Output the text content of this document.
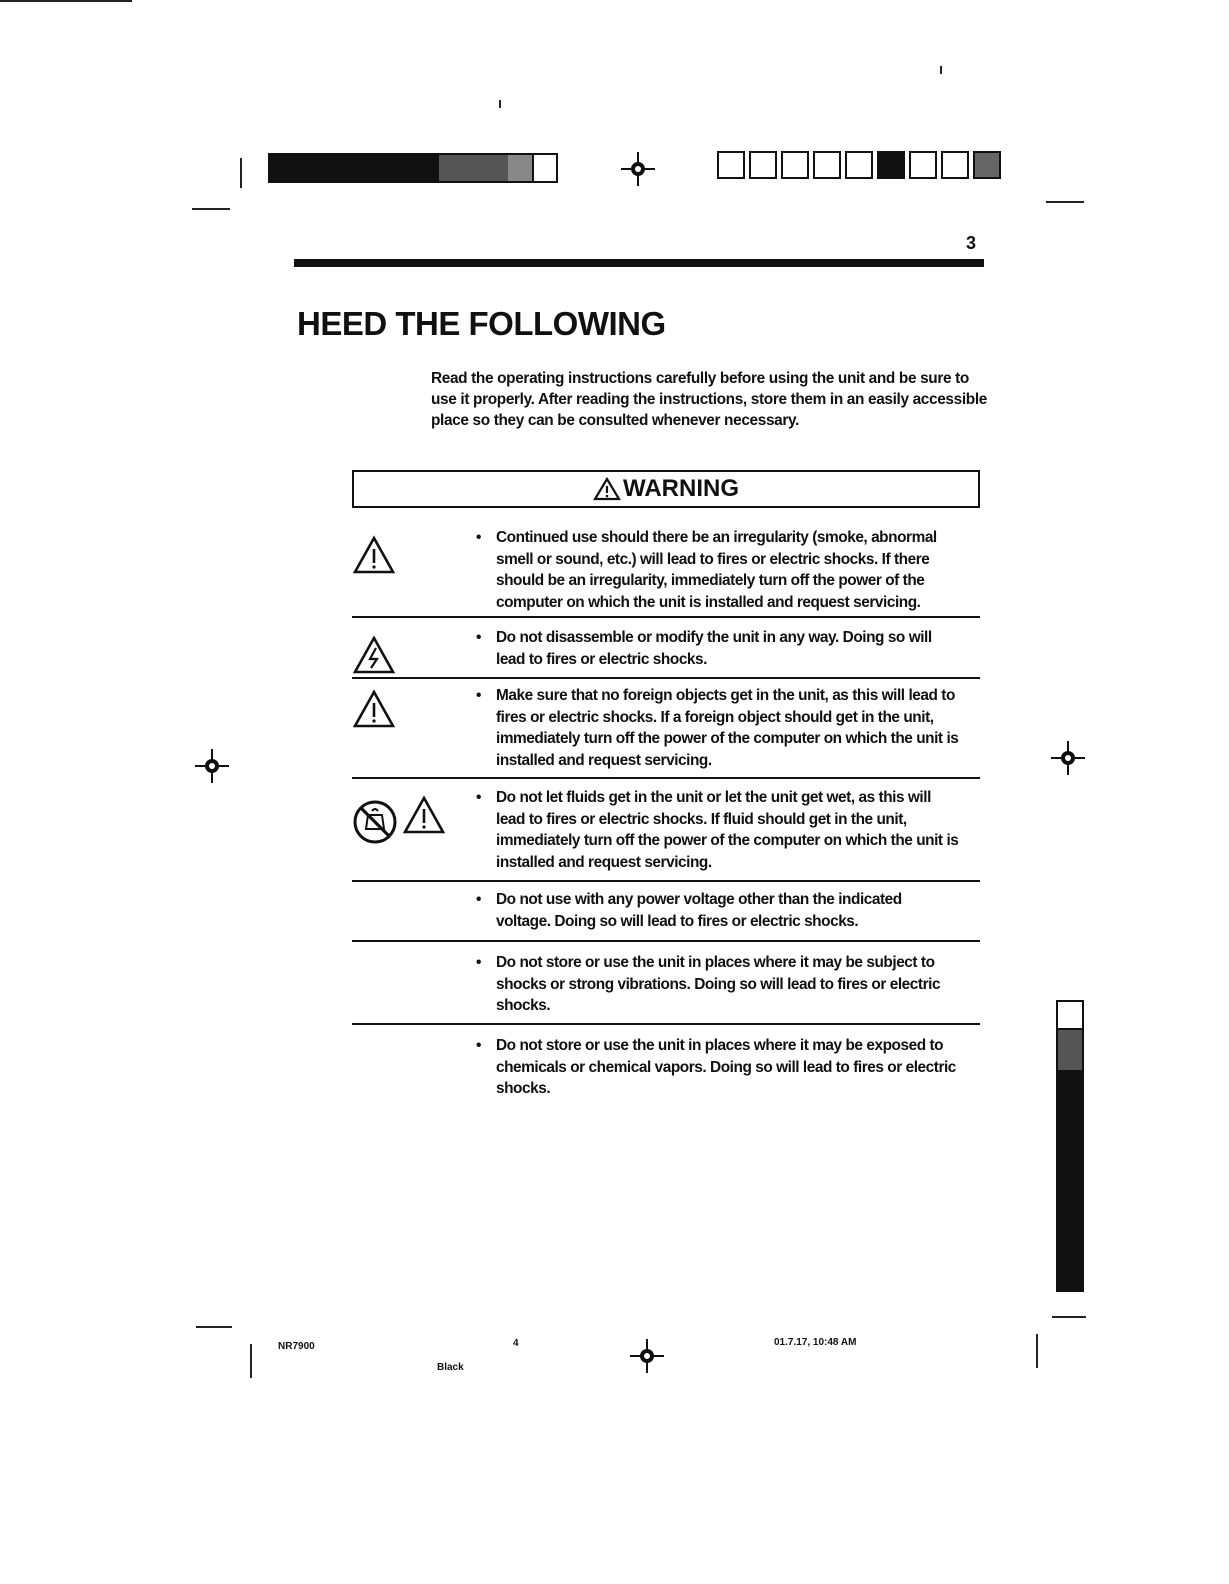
3
HEED THE FOLLOWING

Read the operating instructions carefully before using the unit and be sure to use it properly. After reading the instructions, store them in an easily accessible place so they can be consulted whenever necessary.

WARNING

• Continued use should there be an irregularity (smoke, abnormal smell or sound, etc.) will lead to fires or electric shocks. If there should be an irregularity, immediately turn off the power of the computer on which the unit is installed and request servicing.

• Do not disassemble or modify the unit in any way. Doing so will lead to fires or electric shocks.

• Make sure that no foreign objects get in the unit, as this will lead to fires or electric shocks. If a foreign object should get in the unit, immediately turn off the power of the computer on which the unit is installed and request servicing.

• Do not let fluids get in the unit or let the unit get wet, as this will lead to fires or electric shocks. If fluid should get in the unit, immediately turn off the power of the computer on which the unit is installed and request servicing.

• Do not use with any power voltage other than the indicated voltage. Doing so will lead to fires or electric shocks.

• Do not store or use the unit in places where it may be subject to shocks or strong vibrations. Doing so will lead to fires or electric shocks.

• Do not store or use the unit in places where it may be exposed to chemicals or chemical vapors. Doing so will lead to fires or electric shocks.

NR7900	4	01.7.17, 10:48 AM
Black
